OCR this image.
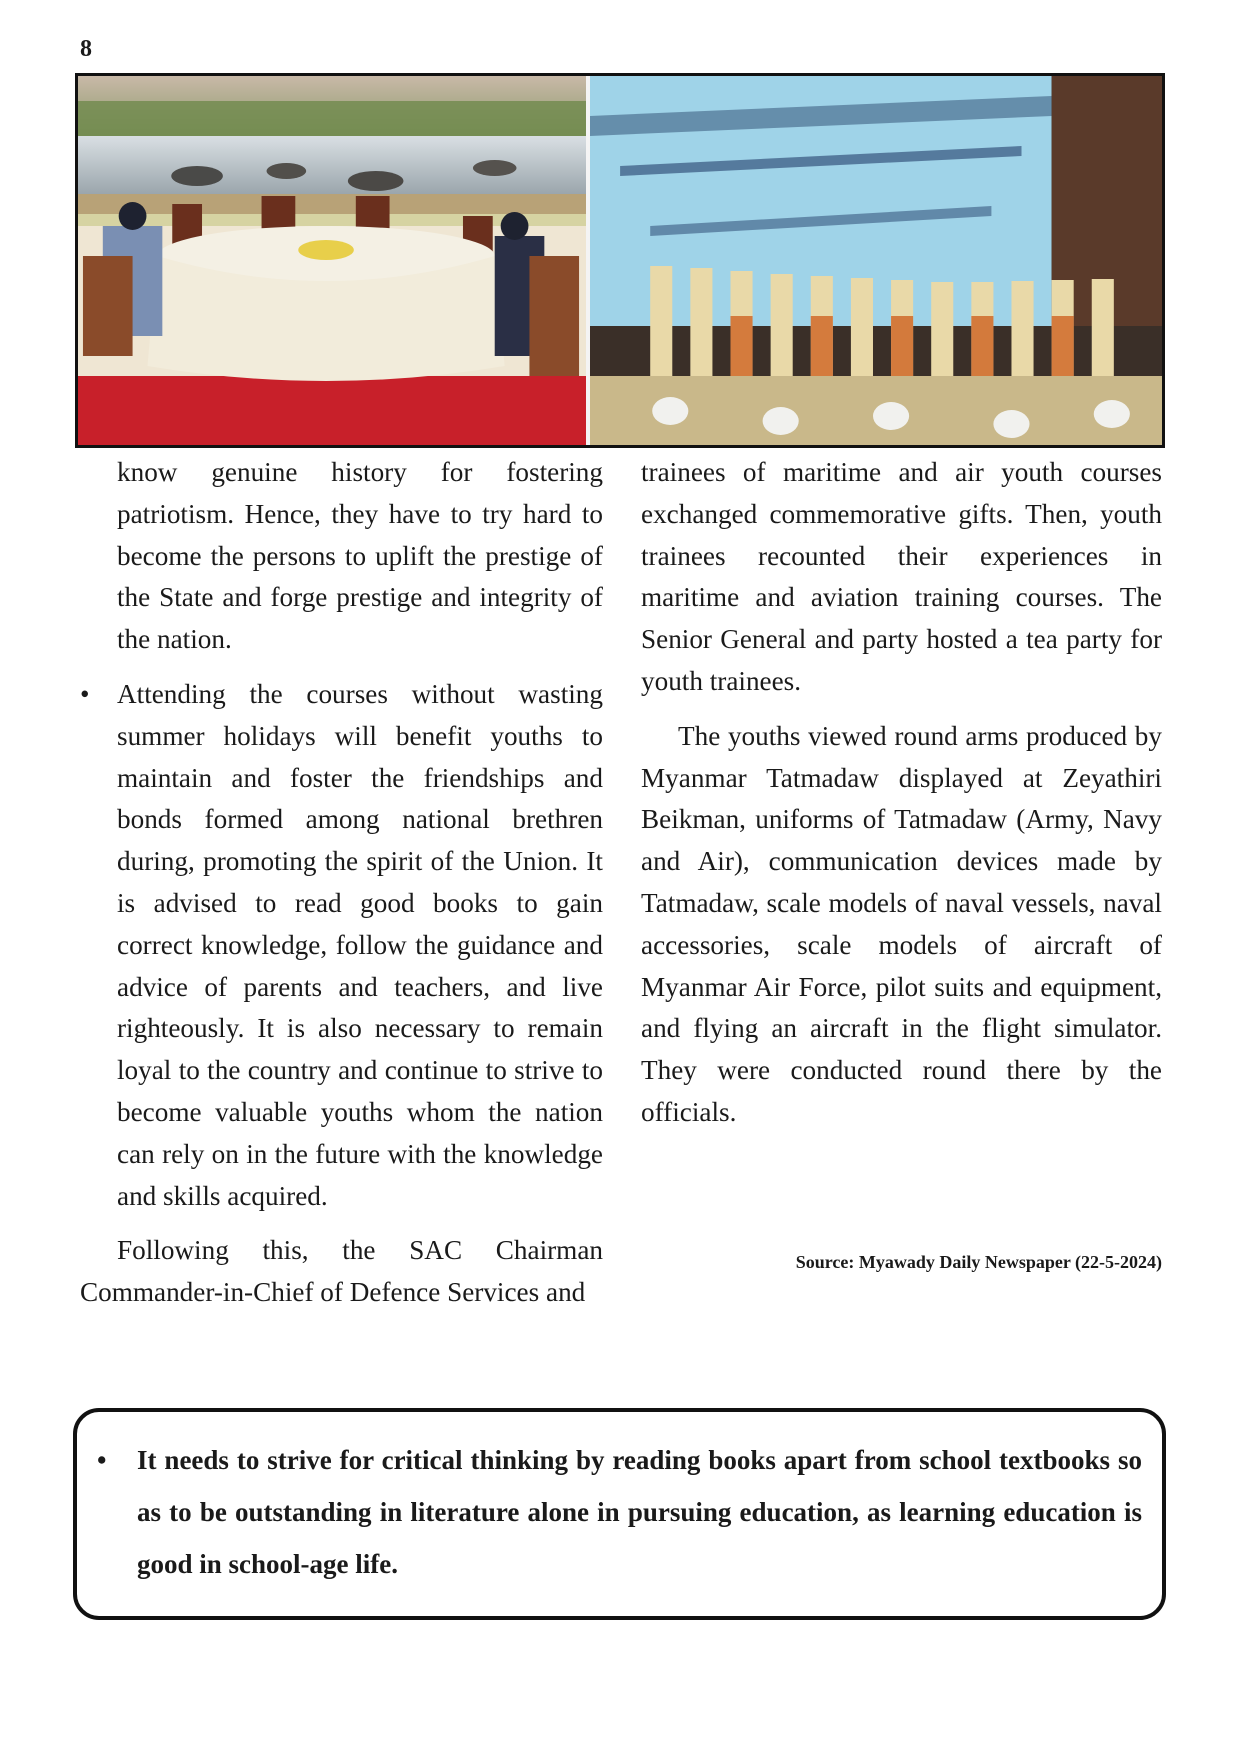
8

know genuine history for fostering patriotism. Hence, they have to try hard to become the persons to uplift the prestige of the State and forge prestige and integrity of the nation.

•	Attending the courses without wasting summer holidays will benefit youths to maintain and foster the friendships and bonds formed among national brethren during, promoting the spirit of the Union. It is advised to read good books to gain correct knowledge, follow the guidance and advice of parents and teachers, and live righteously. It is also necessary to remain loyal to the country and continue to strive to become valuable youths whom the nation can rely on in the future with the knowledge and skills acquired.

Following this, the SAC Chairman Commander-in-Chief of Defence Services and

trainees of maritime and air youth courses exchanged commemorative gifts. Then, youth trainees recounted their experiences in maritime and aviation training courses. The Senior General and party hosted a tea party for youth trainees.

The youths viewed round arms produced by Myanmar Tatmadaw displayed at Zeyathiri Beikman, uniforms of Tatmadaw (Army, Navy and Air), communication devices made by Tatmadaw, scale models of naval vessels, naval accessories, scale models of aircraft of Myanmar Air Force, pilot suits and equipment, and flying an aircraft in the flight simulator. They were conducted round there by the officials.

Source: Myawady Daily Newspaper (22-5-2024)
•	It needs to strive for critical thinking by reading books apart from school textbooks so as to be outstanding in literature alone in pursuing education, as learning education is good in school-age life.
